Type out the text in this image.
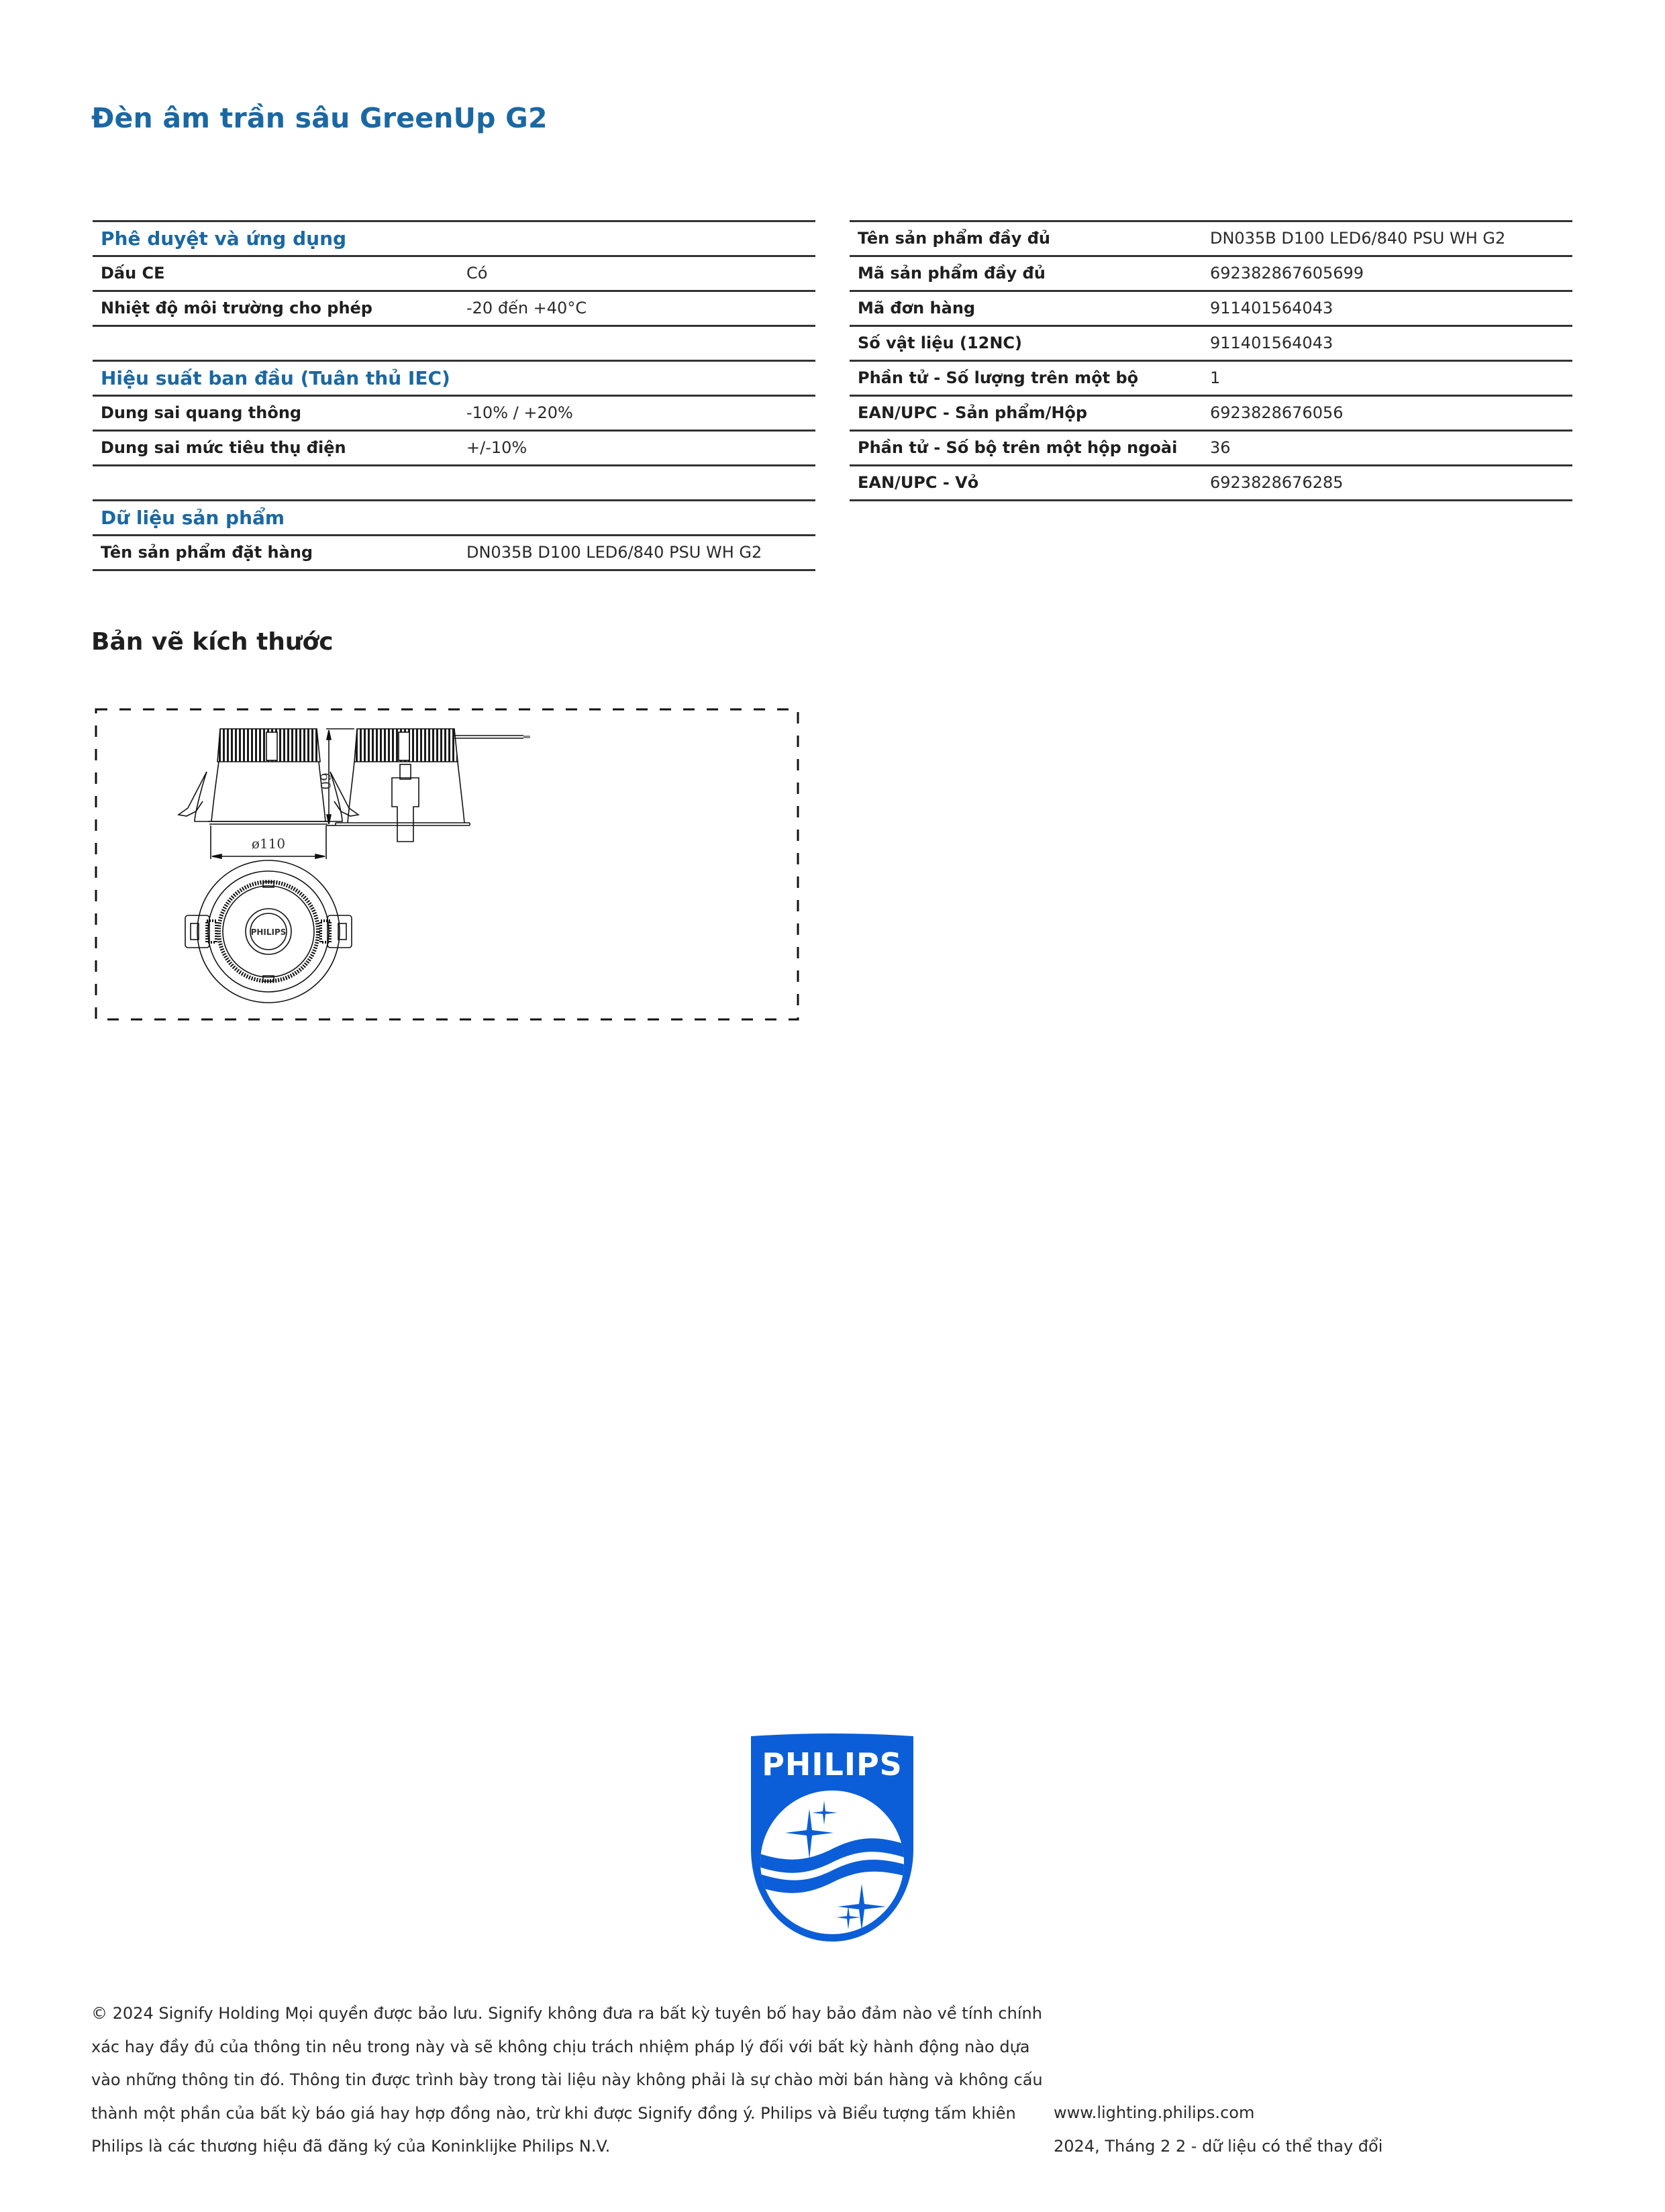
Đèn âm trần sâu GreenUp G2
Phê duyệt và ứng dụng
Dấu CE	Có
Nhiệt độ môi trường cho phép	-20 đến +40°C
Hiệu suất ban đầu (Tuân thủ IEC)
Dung sai quang thông	-10% / +20%
Dung sai mức tiêu thụ điện	+/-10%
Dữ liệu sản phẩm
Tên sản phẩm đặt hàng	DN035B D100 LED6/840 PSU WH G2
Tên sản phẩm đầy đủ	DN035B D100 LED6/840 PSU WH G2
Mã sản phẩm đầy đủ	692382867605699
Mã đơn hàng	911401564043
Số vật liệu (12NC)	911401564043
Phần tử - Số lượng trên một bộ	1
EAN/UPC - Sản phẩm/Hộp	6923828676056
Phần tử - Số bộ trên một hộp ngoài 36
EAN/UPC - Vỏ	6923828676285
Bản vẽ kích thước
ø110
60
PHILIPS
PHILIPS
© 2024 Signify Holding Mọi quyền được bảo lưu. Signify không đưa ra bất kỳ tuyên bố hay bảo đảm nào về tính chính
xác hay đầy đủ của thông tin nêu trong này và sẽ không chịu trách nhiệm pháp lý đối với bất kỳ hành động nào dựa
vào những thông tin đó. Thông tin được trình bày trong tài liệu này không phải là sự chào mời bán hàng và không cấu
thành một phần của bất kỳ báo giá hay hợp đồng nào, trừ khi được Signify đồng ý. Philips và Biểu tượng tấm khiên
Philips là các thương hiệu đã đăng ký của Koninklijke Philips N.V.
www.lighting.philips.com
2024, Tháng 2 2 - dữ liệu có thể thay đổi
